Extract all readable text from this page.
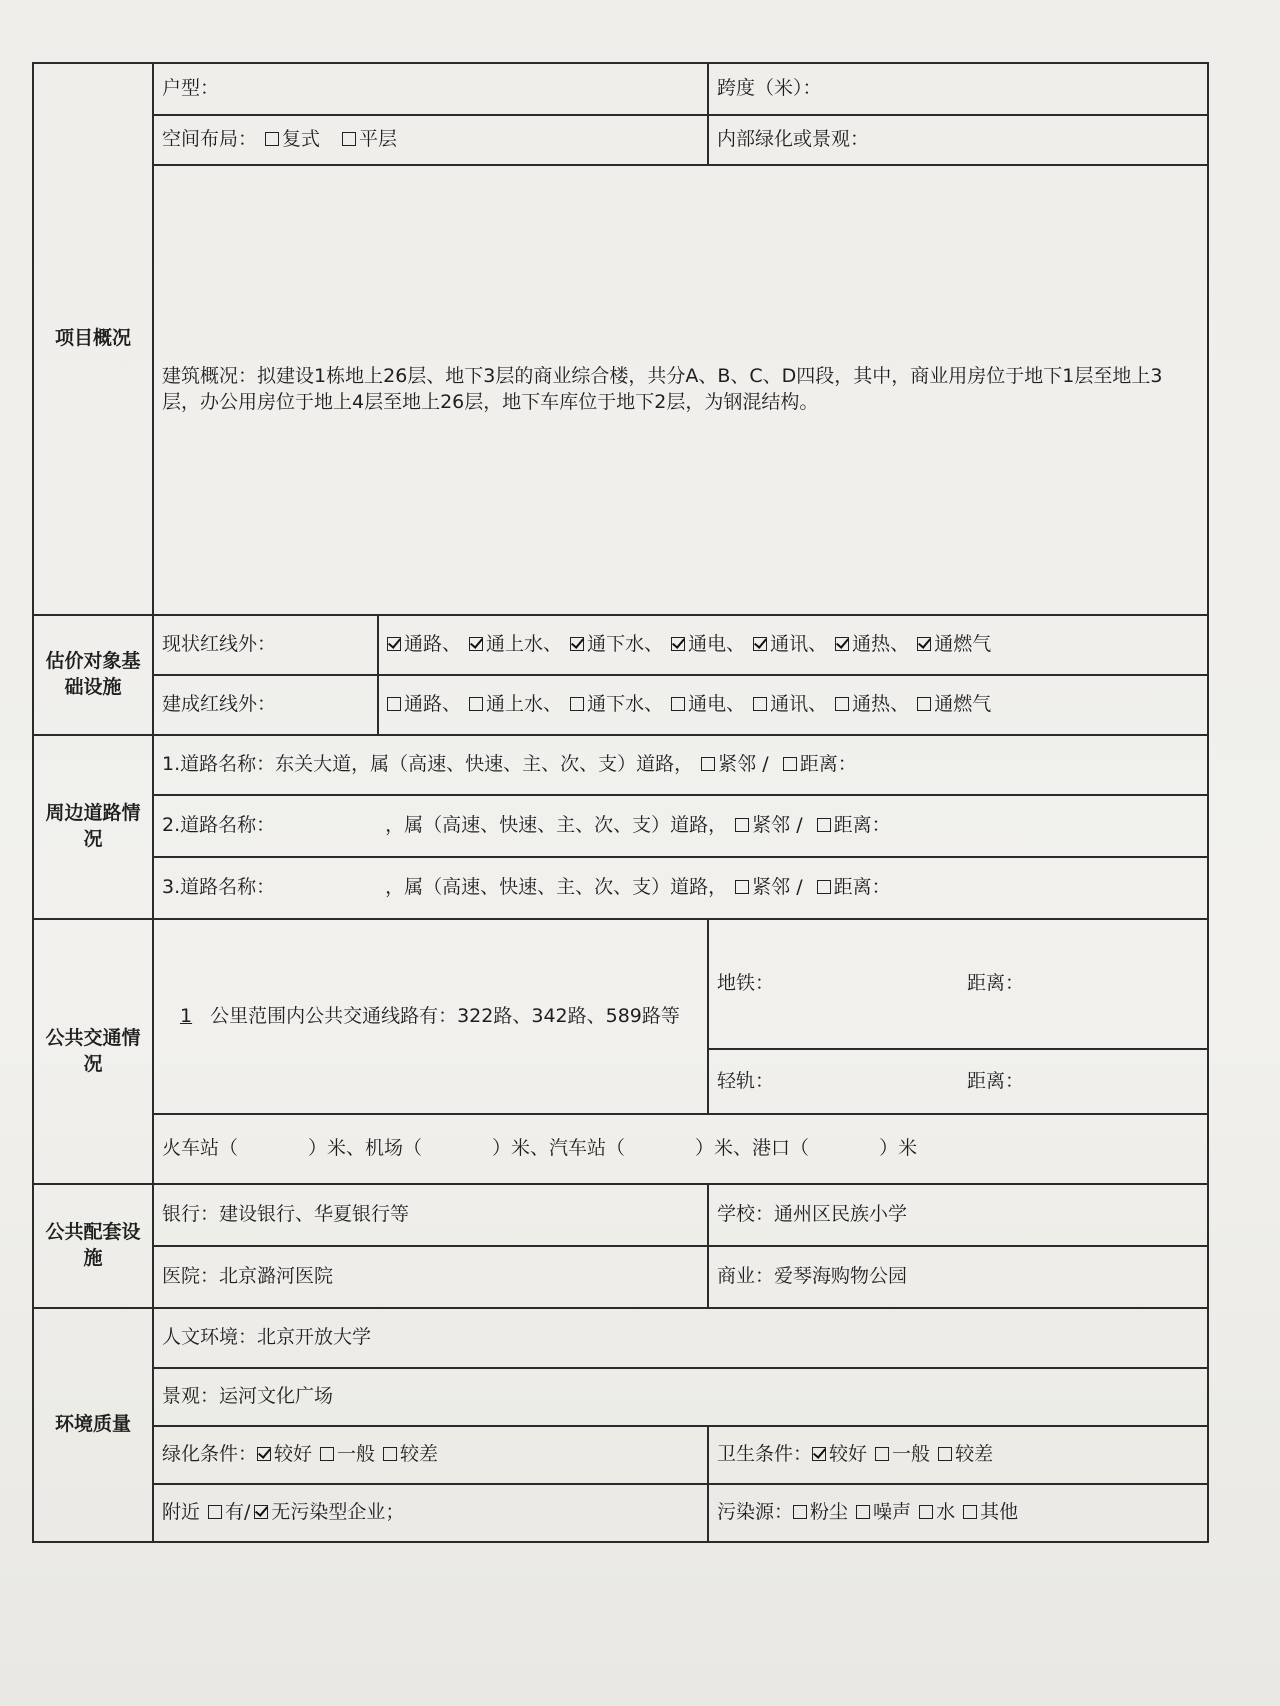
项目概况	户型：		跨度（米）：
	空间布局： 复式 平层		内部绿化或景观：
	建筑概况：拟建设1栋地上26层、地下3层的商业综合楼，共分A、B、C、D四段，其中，商业用房位于地下1层至地上3层，办公用房位于地上4层至地上26层，地下车库位于地下2层，为钢混结构。		
估价对象基础设施	现状红线外：	通路、 通上水、 通下水、 通电、 通讯、 通热、 通燃气	
	建成红线外：	通路、 通上水、 通下水、 通电、 通讯、 通热、 通燃气	
周边道路情况	1.道路名称：东关大道，属（高速、快速、主、次、支）道路， 紧邻 / 距离：		
	2.道路名称： ，属（高速、快速、主、次、支）道路， 紧邻 / 距离：		
	3.道路名称： ，属（高速、快速、主、次、支）道路， 紧邻 / 距离：		
公共交通情况	1 公里范围内公共交通线路有：322路、342路、589路等		地铁： 距离：
			轻轨： 距离：
	火车站（ ）米、机场（ ）米、汽车站（ ）米、港口（ ）米		
公共配套设施	银行：建设银行、华夏银行等		学校：通州区民族小学
	医院：北京潞河医院		商业：爱琴海购物公园
环境质量	人文环境：北京开放大学		
	景观：运河文化广场		
	绿化条件： 较好 一般 较差		卫生条件： 较好 一般 较差
	附近 有/ 无污染型企业；		污染源： 粉尘 噪声 水 其他
